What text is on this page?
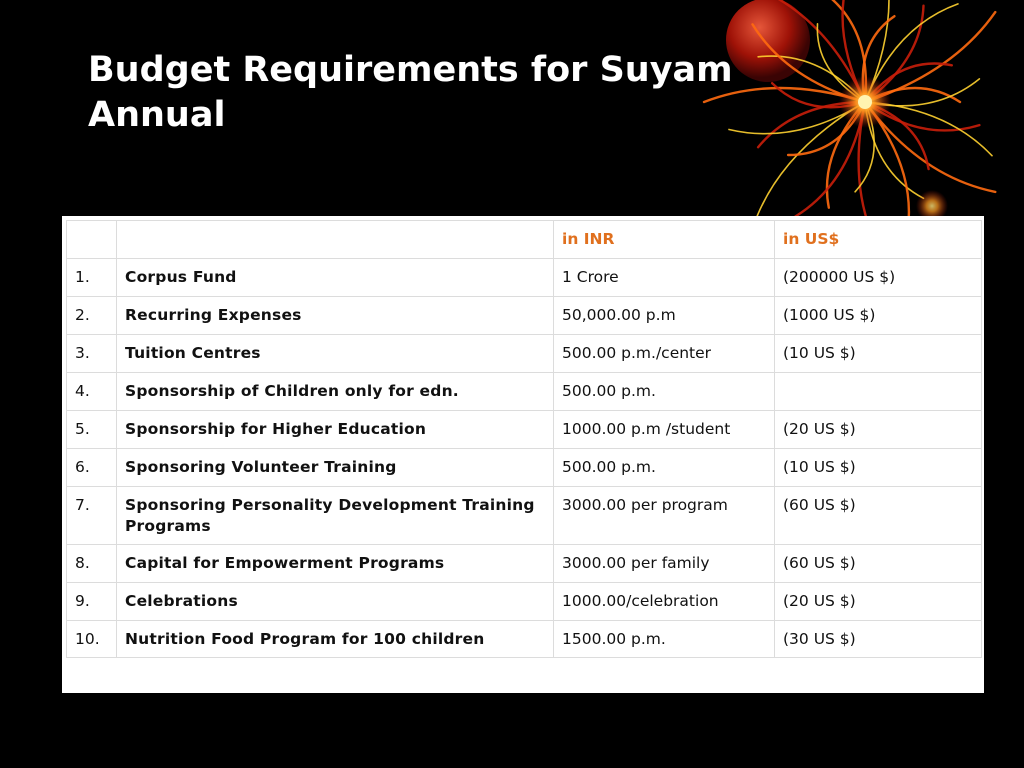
Budget Requirements for Suyam
Annual
		in INR	in US$
1.	Corpus Fund	1 Crore	(200000 US $)
2.	Recurring Expenses	50,000.00 p.m	(1000 US $)
3.	Tuition Centres	500.00 p.m./center	(10 US $)
4.	Sponsorship of Children only for edn.	500.00 p.m.	
5.	Sponsorship for Higher Education	1000.00 p.m /student	(20 US $)
6.	Sponsoring Volunteer Training	500.00 p.m.	(10 US $)
7.	Sponsoring Personality Development Training Programs	3000.00 per program	(60 US $)
8.	Capital for Empowerment Programs	3000.00 per family	(60 US $)
9.	Celebrations	1000.00/celebration	(20 US $)
10.	Nutrition Food Program for 100 children	1500.00 p.m.	(30 US $)
